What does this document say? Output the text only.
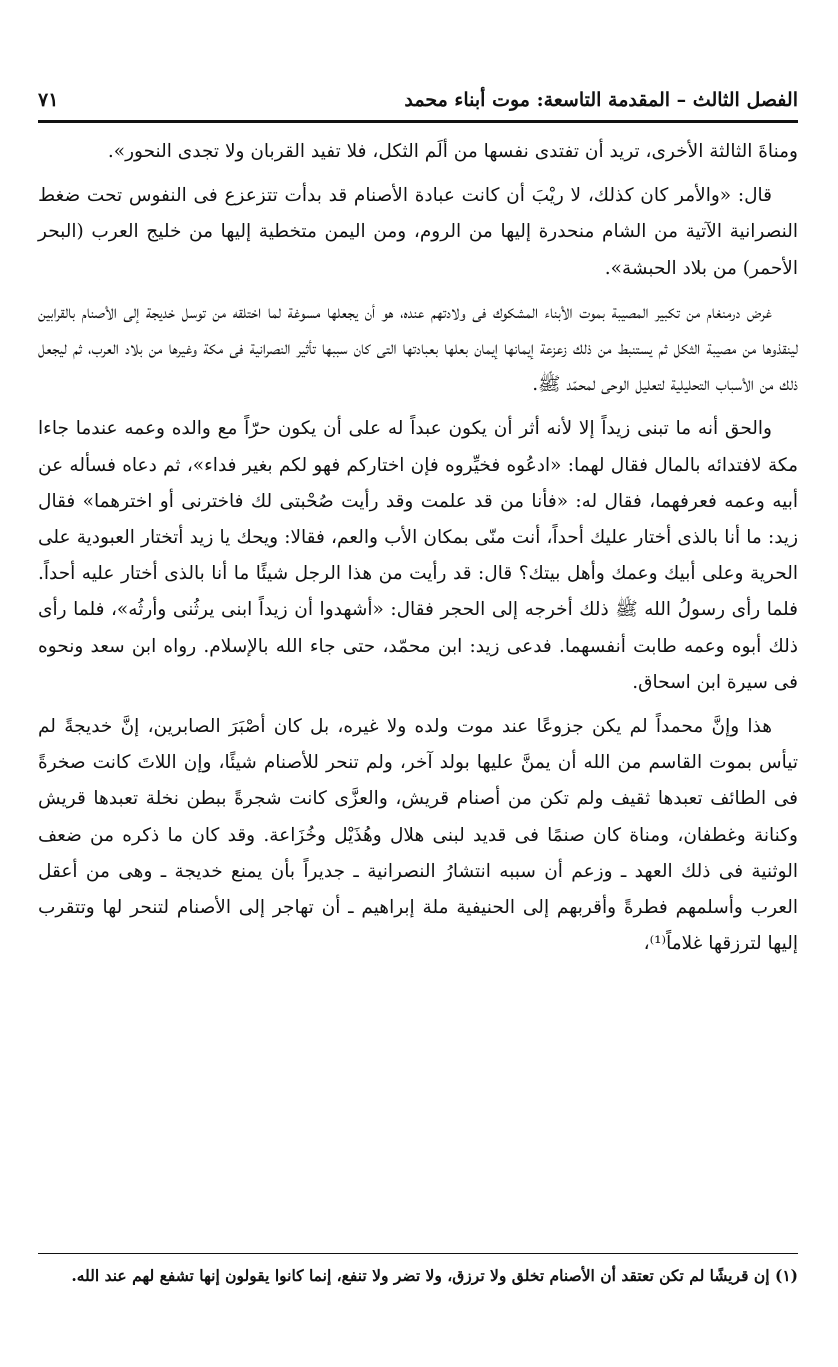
الفصل الثالث – المقدمة التاسعة: موت أبناء محمد
٧١

ومناةَ الثالثة الأخرى، تريد أن تفتدى نفسها من ألَم الثكل، فلا تفيد القربان ولا تجدى النحور».

قال: «والأمر كان كذلك، لا ريْبَ أن كانت عبادة الأصنام قد بدأت تتزعزع فى النفوس تحت ضغط النصرانية الآتية من الشام منحدرة إليها من الروم، ومن اليمن متخطية إليها من خليج العرب (البحر الأحمر) من بلاد الحبشة».

غرض درمنغام من تكبير المصيبة بموت الأبناء المشكوك فى ولادتهم عنده، هو أن يجعلها مسوغة لما اختلقه من توسل خديجة إلى الأصنام بالقرابين لينقذوها من مصيبة الثكل ثم يستنبط من ذلك زعزعة إيمانها إيمان بعلها بعبادتها التى كان سببها تأثير النصرانية فى مكة وغيرها من بلاد العرب، ثم ليجعل ذلك من الأسباب التحليلية لتعليل الوحى لمحمّد ﷺ.

والحق أنه ما تبنى زيداً إلا لأنه أثر أن يكون عبداً له على أن يكون حرّاً مع والده وعمه عندما جاءا مكة لافتدائه بالمال فقال لهما: «ادعُوه فخيِّروه فإن اختاركم فهو لكم بغير فداء»، ثم دعاه فسأله عن أبيه وعمه فعرفهما، فقال له: «فأنا من قد علمت وقد رأيت صُحْبتى لك فاخترنى أو اخترهما» فقال زيد: ما أنا بالذى أختار عليك أحداً، أنت منّى بمكان الأب والعم، فقالا: ويحك يا زيد أتختار العبودية على الحرية وعلى أبيك وعمك وأهل بيتك؟ قال: قد رأيت من هذا الرجل شيئًا ما أنا بالذى أختار عليه أحداً. فلما رأى رسولُ الله ﷺ ذلك أخرجه إلى الحجر فقال: «أشهدوا أن زيداً ابنى يرثُنى وأرثُه»، فلما رأى ذلك أبوه وعمه طابت أنفسهما. فدعى زيد: ابن محمّد، حتى جاء الله بالإسلام. رواه ابن سعد ونحوه فى سيرة ابن اسحاق.

هذا وإنَّ محمداً لم يكن جزوعًا عند موت ولده ولا غيره، بل كان أصْبَرَ الصابرين، إنَّ خديجةً لم تيأس بموت القاسم من الله أن يمنَّ عليها بولد آخر، ولم تنحر للأصنام شيئًا، وإن اللاتَ كانت صخرةً فى الطائف تعبدها ثقيف ولم تكن من أصنام قريش، والعزَّى كانت شجرةً ببطن نخلة تعبدها قريش وكنانة وغطفان، ومناة كان صنمًا فى قديد لبنى هلال وهُذَيْل وخُزَاعة. وقد كان ما ذكره من ضعف الوثنية فى ذلك العهد ـ وزعم أن سببه انتشارُ النصرانية ـ جديراً بأن يمنع خديجة ـ وهى من أعقل العرب وأسلمهم فطرةً وأقربهم إلى الحنيفية ملة إبراهيم ـ أن تهاجر إلى الأصنام لتنحر لها وتتقرب إليها لترزقها غلاماً⁽¹⁾،

(١) إن قريشًا لم تكن تعتقد أن الأصنام تخلق ولا ترزق، ولا تضر ولا تنفع، إنما كانوا يقولون إنها تشفع لهم عند الله.
